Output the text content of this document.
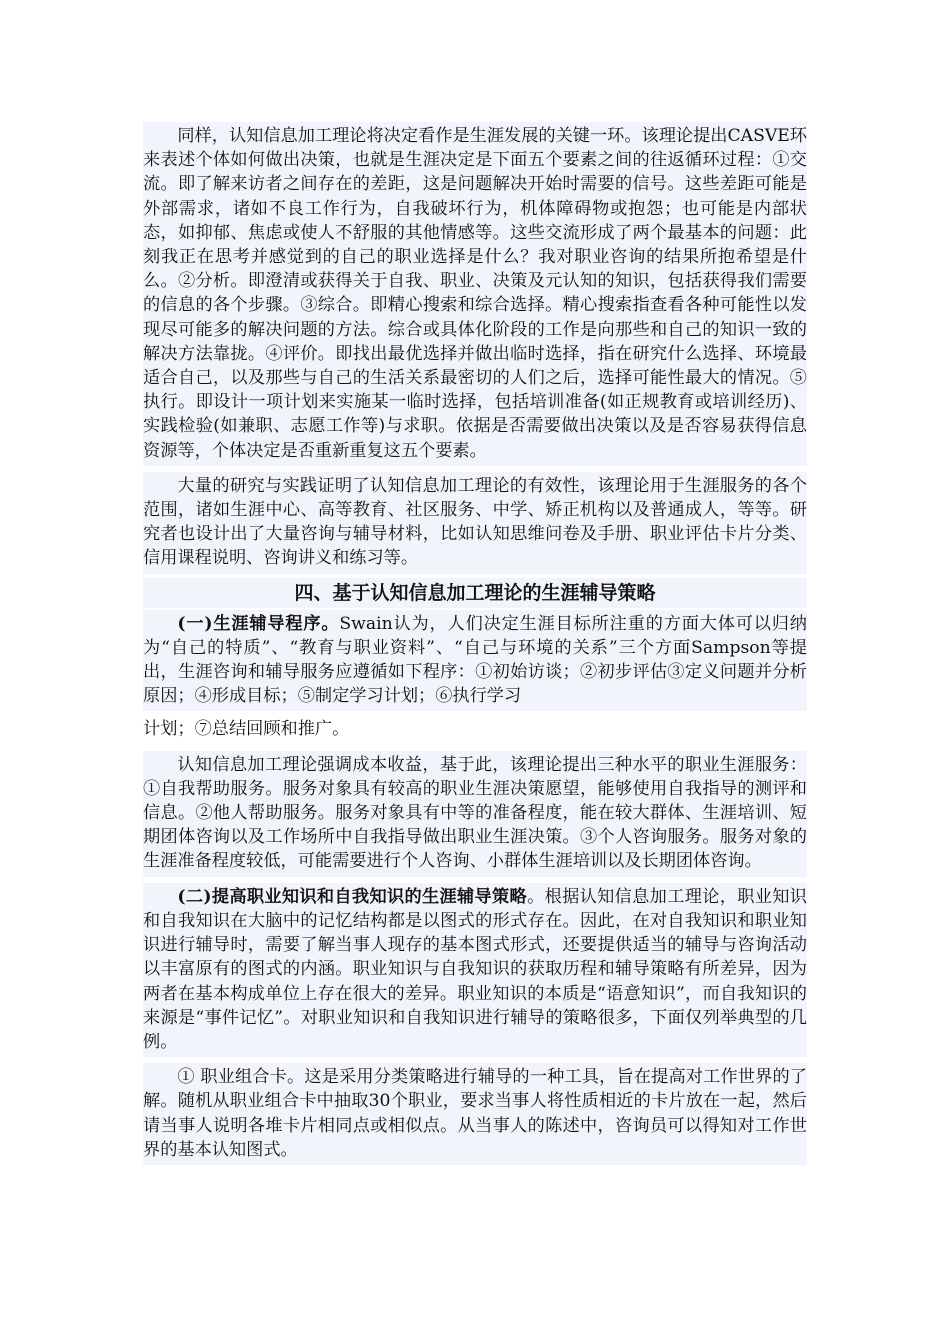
同样，认知信息加工理论将决定看作是生涯发展的关键一环。该理论提出CASVE环来表述个体如何做出决策，也就是生涯决定是下面五个要素之间的往返循环过程：①交流。即了解来访者之间存在的差距，这是问题解决开始时需要的信号。这些差距可能是外部需求，诸如不良工作行为，自我破坏行为，机体障碍物或抱怨；也可能是内部状态，如抑郁、焦虑或使人不舒服的其他情感等。这些交流形成了两个最基本的问题：此刻我正在思考并感觉到的自己的职业选择是什么？我对职业咨询的结果所抱希望是什么。②分析。即澄清或获得关于自我、职业、决策及元认知的知识，包括获得我们需要的信息的各个步骤。③综合。即精心搜索和综合选择。精心搜索指查看各种可能性以发现尽可能多的解决问题的方法。综合或具体化阶段的工作是向那些和自己的知识一致的解决方法靠拢。④评价。即找出最优选择并做出临时选择，指在研究什么选择、环境最适合自己，以及那些与自己的生活关系最密切的人们之后，选择可能性最大的情况。⑤执行。即设计一项计划来实施某一临时选择，包括培训准备(如正规教育或培训经历)、实践检验(如兼职、志愿工作等)与求职。依据是否需要做出决策以及是否容易获得信息资源等，个体决定是否重新重复这五个要素。

大量的研究与实践证明了认知信息加工理论的有效性，该理论用于生涯服务的各个范围，诸如生涯中心、高等教育、社区服务、中学、矫正机构以及普通成人，等等。研究者也设计出了大量咨询与辅导材料，比如认知思维问卷及手册、职业评估卡片分类、信用课程说明、咨询讲义和练习等。

四、基于认知信息加工理论的生涯辅导策略

(一)生涯辅导程序。Swain认为，人们决定生涯目标所注重的方面大体可以归纳为“自己的特质”、“教育与职业资料”、“自己与环境的关系”三个方面Sampson等提出，生涯咨询和辅导服务应遵循如下程序：①初始访谈；②初步评估③定义问题并分析原因；④形成目标；⑤制定学习计划；⑥执行学习

计划；⑦总结回顾和推广。

认知信息加工理论强调成本收益，基于此，该理论提出三种水平的职业生涯服务：①自我帮助服务。服务对象具有较高的职业生涯决策愿望，能够使用自我指导的测评和信息。②他人帮助服务。服务对象具有中等的准备程度，能在较大群体、生涯培训、短期团体咨询以及工作场所中自我指导做出职业生涯决策。③个人咨询服务。服务对象的生涯准备程度较低，可能需要进行个人咨询、小群体生涯培训以及长期团体咨询。

(二)提高职业知识和自我知识的生涯辅导策略。根据认知信息加工理论，职业知识和自我知识在大脑中的记忆结构都是以图式的形式存在。因此，在对自我知识和职业知识进行辅导时，需要了解当事人现存的基本图式形式，还要提供适当的辅导与咨询活动以丰富原有的图式的内涵。职业知识与自我知识的获取历程和辅导策略有所差异，因为两者在基本构成单位上存在很大的差异。职业知识的本质是“语意知识”，而自我知识的来源是“事件记忆”。对职业知识和自我知识进行辅导的策略很多，下面仅列举典型的几例。

① 职业组合卡。这是采用分类策略进行辅导的一种工具，旨在提高对工作世界的了解。随机从职业组合卡中抽取30个职业，要求当事人将性质相近的卡片放在一起，然后请当事人说明各堆卡片相同点或相似点。从当事人的陈述中，咨询员可以得知对工作世界的基本认知图式。
